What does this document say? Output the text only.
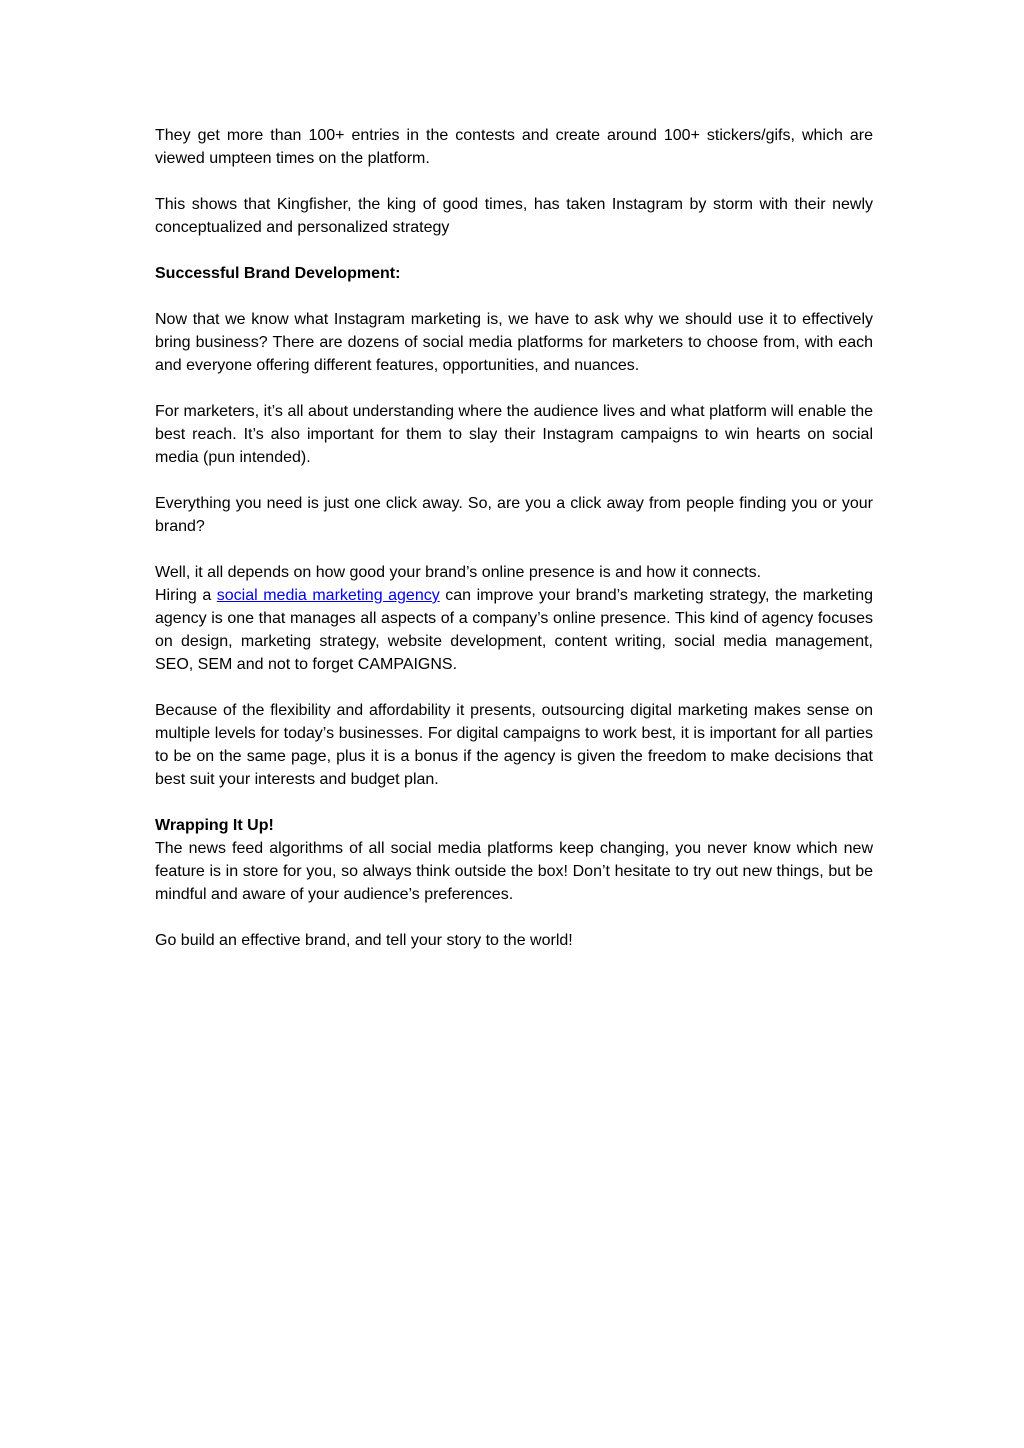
They get more than 100+ entries in the contests and create around 100+ stickers/gifs, which are viewed umpteen times on the platform.

This shows that Kingfisher, the king of good times, has taken Instagram by storm with their newly conceptualized and personalized strategy

Successful Brand Development:

Now that we know what Instagram marketing is, we have to ask why we should use it to effectively bring business? There are dozens of social media platforms for marketers to choose from, with each and everyone offering different features, opportunities, and nuances.

For marketers, it’s all about understanding where the audience lives and what platform will enable the best reach. It’s also important for them to slay their Instagram campaigns to win hearts on social media (pun intended).

Everything you need is just one click away. So, are you a click away from people finding you or your brand?

Well, it all depends on how good your brand’s online presence is and how it connects.
Hiring a social media marketing agency can improve your brand’s marketing strategy, the marketing agency is one that manages all aspects of a company’s online presence. This kind of agency focuses on design, marketing strategy, website development, content writing, social media management, SEO, SEM and not to forget CAMPAIGNS.

Because of the flexibility and affordability it presents, outsourcing digital marketing makes sense on multiple levels for today’s businesses. For digital campaigns to work best, it is important for all parties to be on the same page, plus it is a bonus if the agency is given the freedom to make decisions that best suit your interests and budget plan.

Wrapping It Up!

The news feed algorithms of all social media platforms keep changing, you never know which new feature is in store for you, so always think outside the box! Don’t hesitate to try out new things, but be mindful and aware of your audience’s preferences.

Go build an effective brand, and tell your story to the world!
